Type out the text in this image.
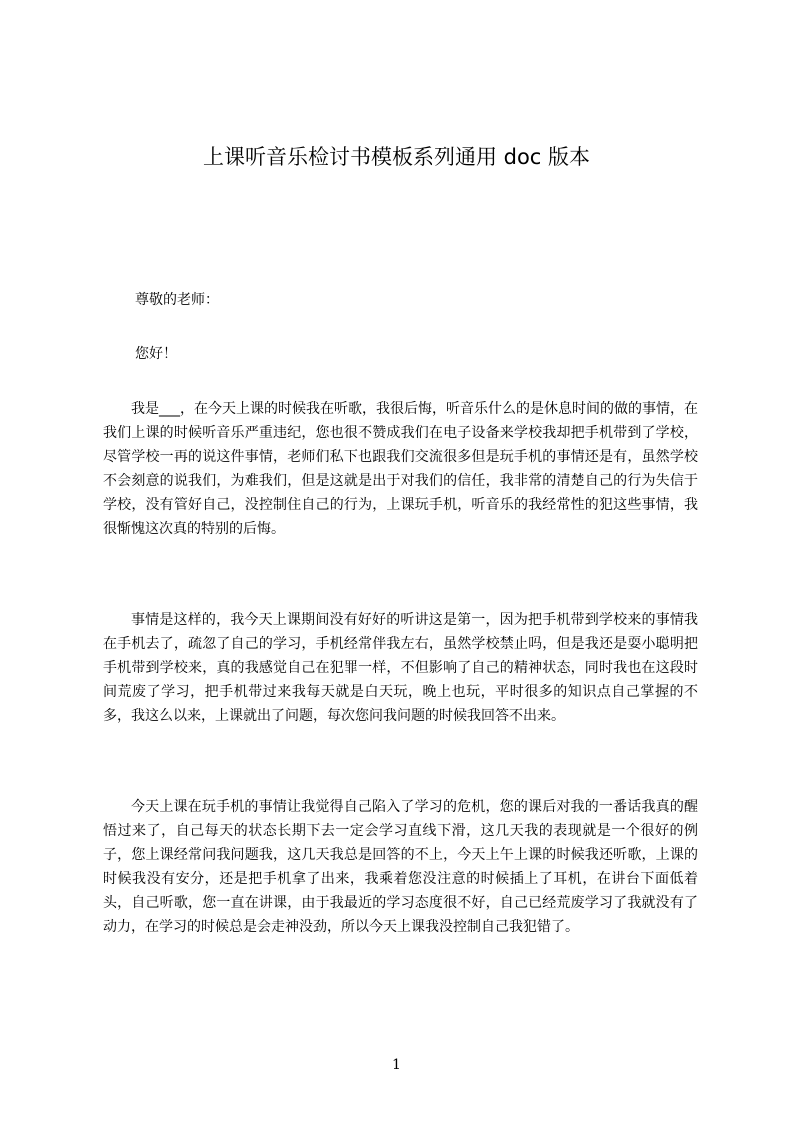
上课听音乐检讨书模板系列通用 doc 版本
尊敬的老师：
您好！

我是___，在今天上课的时候我在听歌，我很后悔，听音乐什么的是休息时间的做的事情，在我们上课的时候听音乐严重违纪，您也很不赞成我们在电子设备来学校我却把手机带到了学校，尽管学校一再的说这件事情，老师们私下也跟我们交流很多但是玩手机的事情还是有，虽然学校不会刻意的说我们，为难我们，但是这就是出于对我们的信任，我非常的清楚自己的行为失信于学校，没有管好自己，没控制住自己的行为，上课玩手机，听音乐的我经常性的犯这些事情，我很惭愧这次真的特别的后悔。

事情是这样的，我今天上课期间没有好好的听讲这是第一，因为把手机带到学校来的事情我在手机去了，疏忽了自己的学习，手机经常伴我左右，虽然学校禁止吗，但是我还是耍小聪明把手机带到学校来，真的我感觉自己在犯罪一样，不但影响了自己的精神状态，同时我也在这段时间荒废了学习，把手机带过来我每天就是白天玩，晚上也玩，平时很多的知识点自己掌握的不多，我这么以来，上课就出了问题，每次您问我问题的时候我回答不出来。

今天上课在玩手机的事情让我觉得自己陷入了学习的危机，您的课后对我的一番话我真的醒悟过来了，自己每天的状态长期下去一定会学习直线下滑，这几天我的表现就是一个很好的例子，您上课经常问我问题我，这几天我总是回答的不上，今天上午上课的时候我还听歌，上课的时候我没有安分，还是把手机拿了出来，我乘着您没注意的时候插上了耳机，在讲台下面低着头，自己听歌，您一直在讲课，由于我最近的学习态度很不好，自己已经荒废学习了我就没有了动力，在学习的时候总是会走神没劲，所以今天上课我没控制自己我犯错了。

1
